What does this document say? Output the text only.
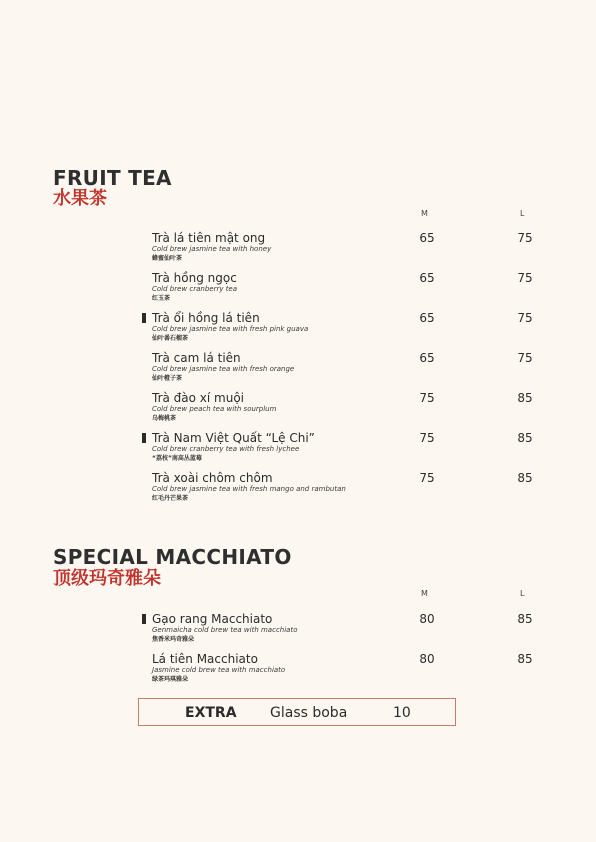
FRUIT TEA
水果茶
M	L
Trà lá tiên mật ong
Cold brew jasmine tea with honey
蜂蜜仙叶茶
65	75
Trà hồng ngọc
Cold brew cranberry tea
红玉茶
65	75
Trà ổi hồng lá tiên
Cold brew jasmine tea with fresh pink guava
仙叶番石榴茶
65	75
Trà cam lá tiên
Cold brew jasmine tea with fresh orange
仙叶橙子茶
65	75
Trà đào xí muội
Cold brew peach tea with sourplum
乌梅桃茶
75	85
Trà Nam Việt Quất “Lệ Chi”
Cold brew cranberry tea with fresh lychee
“荔枝”南高丛蓝莓
75	85
Trà xoài chôm chôm
Cold brew jasmine tea with fresh mango and rambutan
红毛丹芒果茶
75	85
SPECIAL MACCHIATO
顶级玛奇雅朵
M	L
Gạo rang Macchiato
Genmaicha cold brew tea with macchiato
焦香米玛奇雅朵
80	85
Lá tiên Macchiato
Jasmine cold brew tea with macchiato
绿茶玛琪雅朵
80	85
EXTRA Glass boba	10
